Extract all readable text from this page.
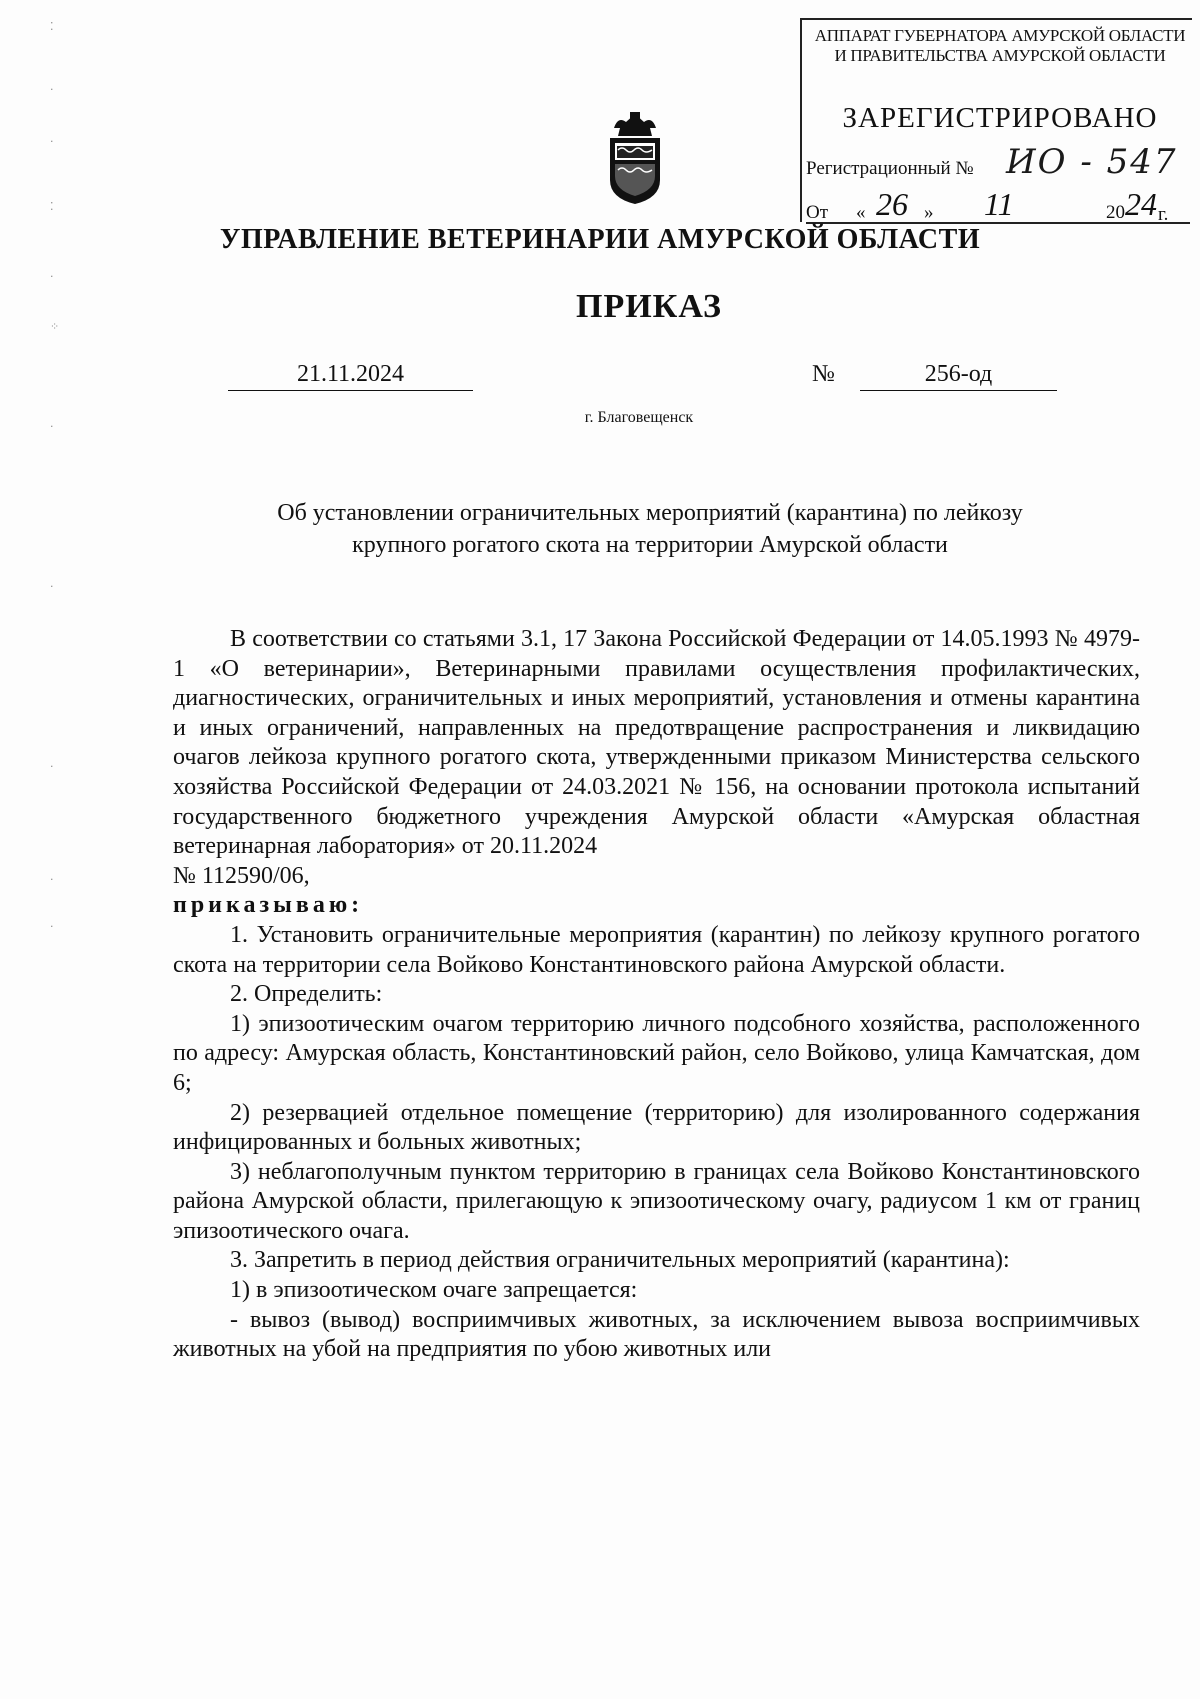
⁚
.
·
⁚
·
⁘
·
·
·
.
·
АППАРАТ ГУБЕРНАТОРА АМУРСКОЙ ОБЛАСТИ
И ПРАВИТЕЛЬСТВА АМУРСКОЙ ОБЛАСТИ
ЗАРЕГИСТРИРОВАНО
Регистрационный № ИО - 547
От « 26 » 11	20 24 г.
УПРАВЛЕНИЕ ВЕТЕРИНАРИИ АМУРСКОЙ ОБЛАСТИ
ПРИКАЗ
21.11.2024	№	256-од
г. Благовещенск
Об установлении ограничительных мероприятий (карантина) по лейкозу
крупного рогатого скота на территории Амурской области

В соответствии со статьями 3.1, 17 Закона Российской Федерации от 14.05.1993 № 4979-1 «О ветеринарии», Ветеринарными правилами осуществления профилактических, диагностических, ограничительных и иных мероприятий, установления и отмены карантина и иных ограничений, направленных на предотвращение распространения и ликвидацию очагов лейкоза крупного рогатого скота, утвержденными приказом Министерства сельского хозяйства Российской Федерации от 24.03.2021 № 156, на основании протокола испытаний государственного бюджетного учреждения Амурской области «Амурская областная ветеринарная лаборатория» от 20.11.2024

№ 112590/06,

приказываю:

1. Установить ограничительные мероприятия (карантин) по лейкозу крупного рогатого скота на территории села Войково Константиновского района Амурской области.

2. Определить:

1) эпизоотическим очагом территорию личного подсобного хозяйства, расположенного по адресу: Амурская область, Константиновский район, село Войково, улица Камчатская, дом 6;

2) резервацией отдельное помещение (территорию) для изолированного содержания инфицированных и больных животных;

3) неблагополучным пунктом территорию в границах села Войково Константиновского района Амурской области, прилегающую к эпизоотическому очагу, радиусом 1 км от границ эпизоотического очага.

3. Запретить в период действия ограничительных мероприятий (карантина):

1) в эпизоотическом очаге запрещается:

- вывоз (вывод) восприимчивых животных, за исключением вывоза восприимчивых животных на убой на предприятия по убою животных или
